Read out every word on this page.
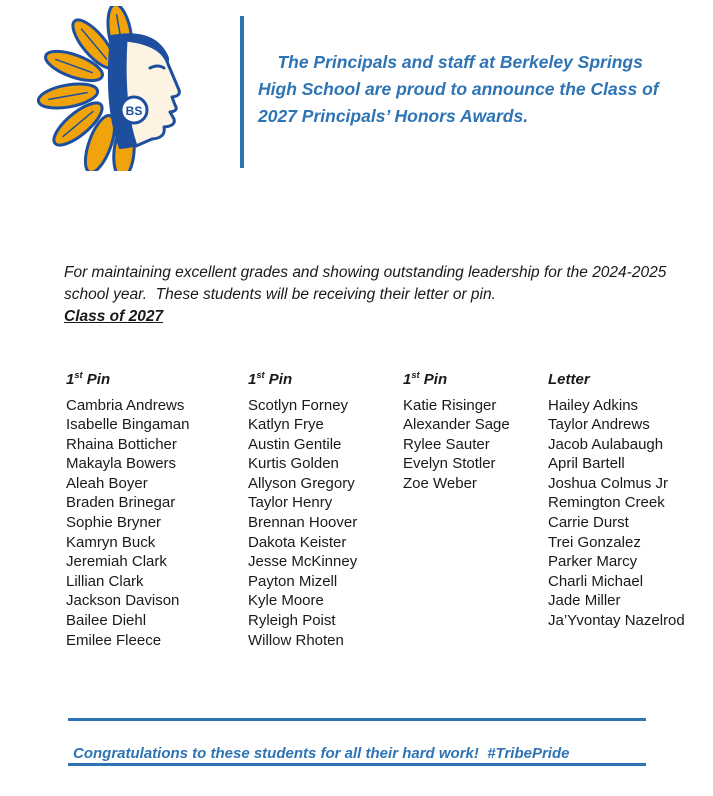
BS

The Principals and staff at Berkeley Springs High School are proud to announce the Class of 2027 Principals’ Honors Awards.

For maintaining excellent grades and showing outstanding leadership for the 2024-2025 school year.  These students will be receiving their letter or pin.

Class of 2027
1st Pin
Cambria Andrews
Isabelle Bingaman
Rhaina Botticher
Makayla Bowers
Aleah Boyer
Braden Brinegar
Sophie Bryner
Kamryn Buck
Jeremiah Clark
Lillian Clark
Jackson Davison
Bailee Diehl
Emilee Fleece
1st Pin
Scotlyn Forney
Katlyn Frye
Austin Gentile
Kurtis Golden
Allyson Gregory
Taylor Henry
Brennan Hoover
Dakota Keister
Jesse McKinney
Payton Mizell
Kyle Moore
Ryleigh Poist
Willow Rhoten
1st Pin
Katie Risinger
Alexander Sage
Rylee Sauter
Evelyn Stotler
Zoe Weber
Letter
Hailey Adkins
Taylor Andrews
Jacob Aulabaugh
April Bartell
Joshua Colmus Jr
Remington Creek
Carrie Durst
Trei Gonzalez
Parker Marcy
Charli Michael
Jade Miller
Ja’Yvontay Nazelrod

Congratulations to these students for all their hard work!  #TribePride
